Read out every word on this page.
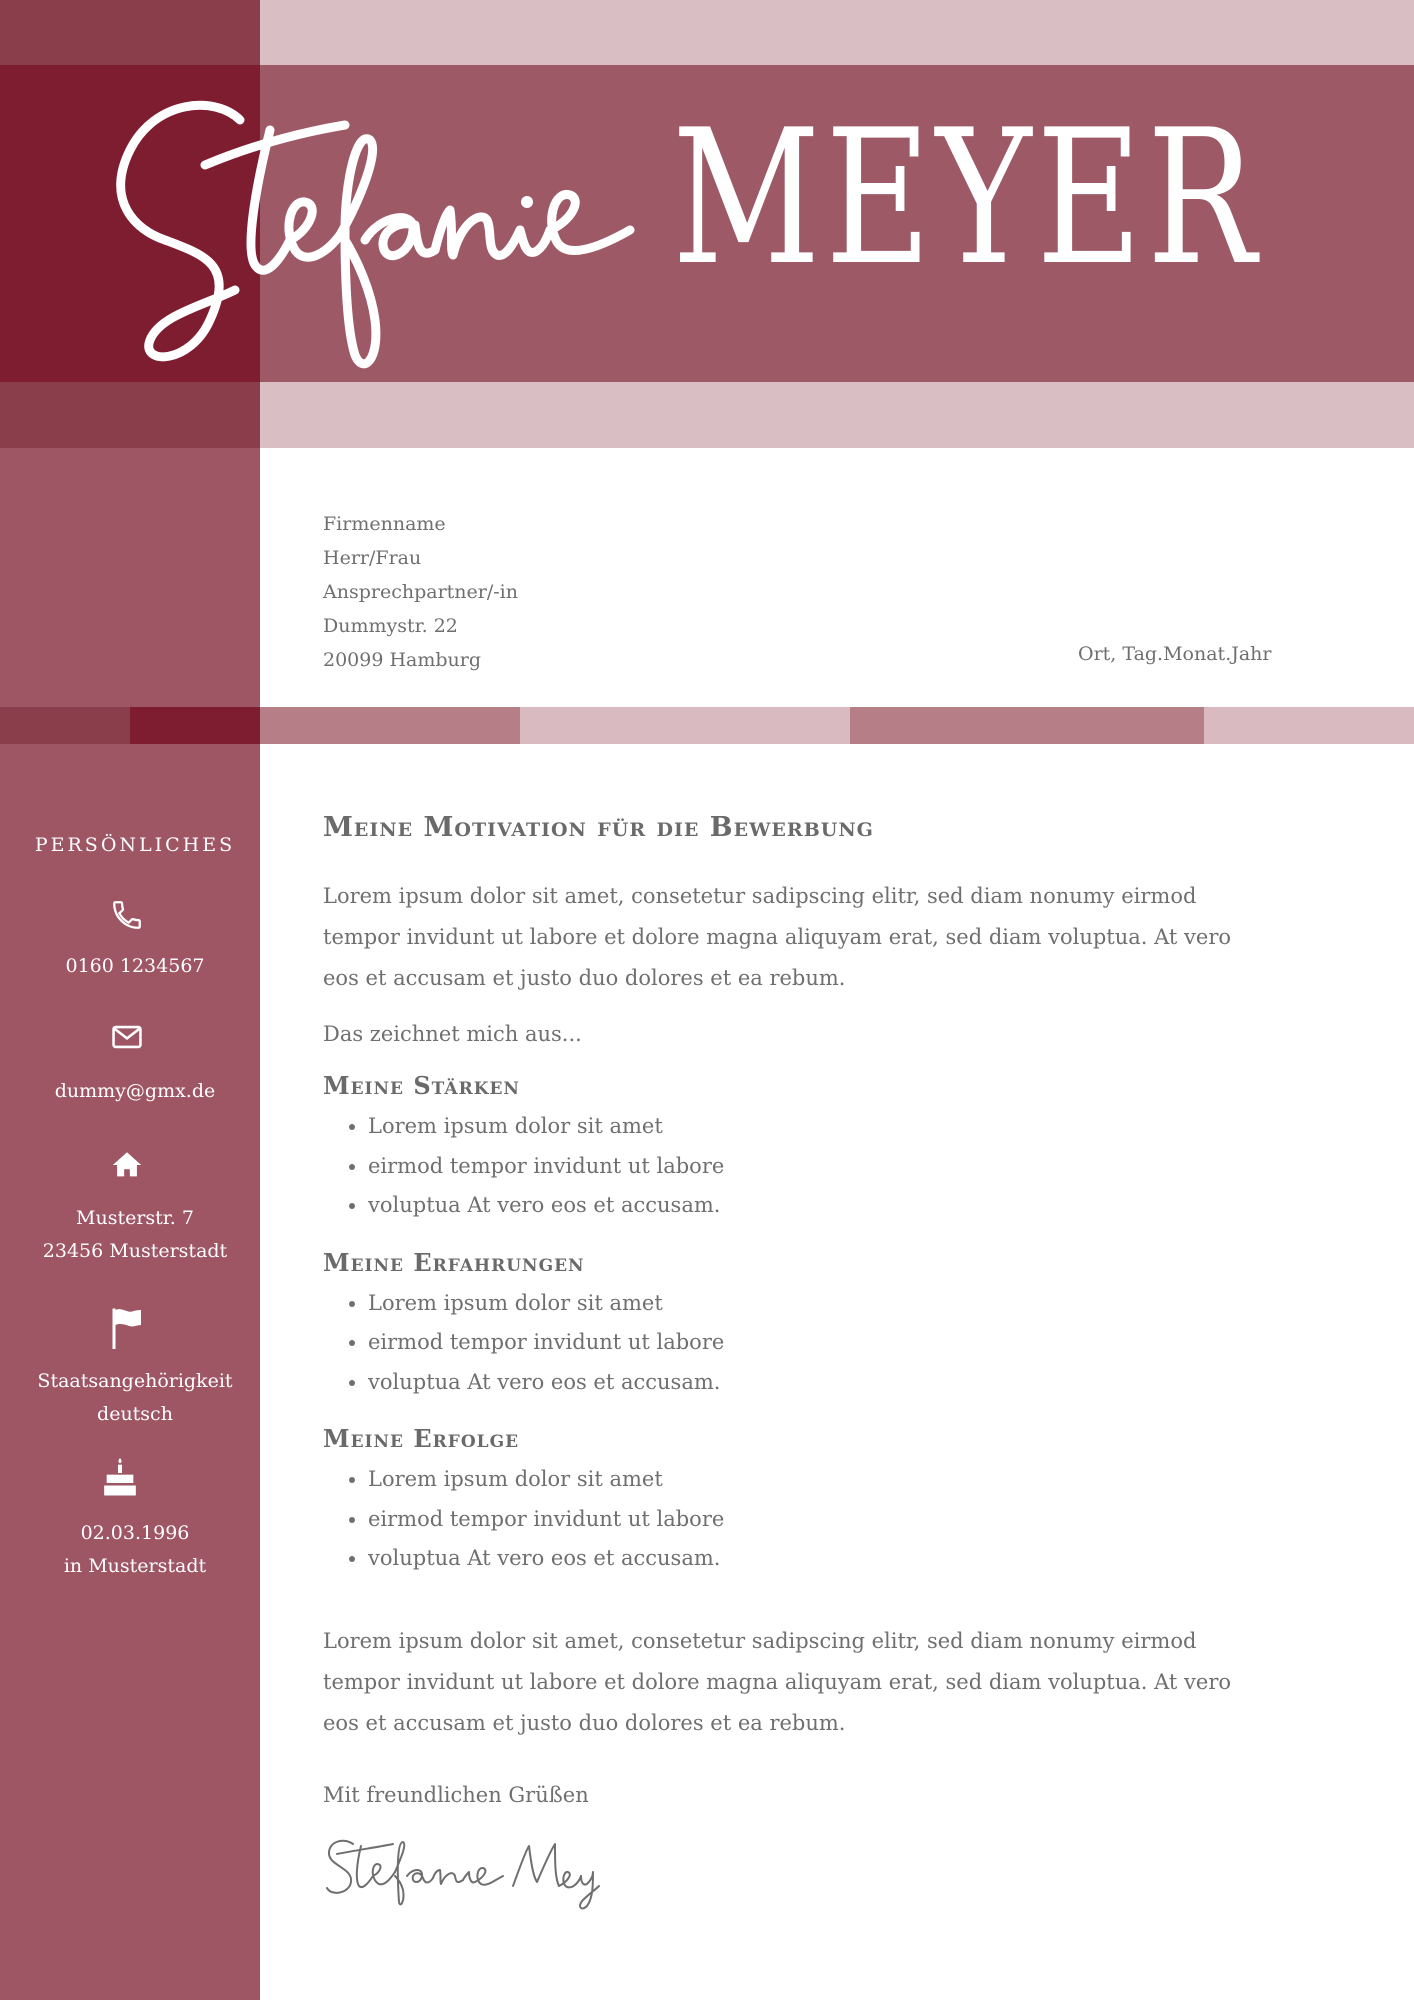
MEYER
Firmenname
Herr/Frau
Ansprechpartner/-in
Dummystr. 22
20099 Hamburg	Ort, Tag.Monat.Jahr
PERSÖNLICHES
0160 1234567
dummy@gmx.de
Musterstr. 7
23456 Musterstadt
Staatsangehörigkeit
deutsch
02.03.1996
in Musterstadt
Meine Motivation für die Bewerbung

Lorem ipsum dolor sit amet, consetetur sadipscing elitr, sed diam nonumy eirmod tempor invidunt ut labore et dolore magna aliquyam erat, sed diam voluptua. At vero eos et accusam et justo duo dolores et ea rebum.

Das zeichnet mich aus...

Meine Stärken
• Lorem ipsum dolor sit amet
• eirmod tempor invidunt ut labore
• voluptua At vero eos et accusam.
Meine Erfahrungen
• Lorem ipsum dolor sit amet
• eirmod tempor invidunt ut labore
• voluptua At vero eos et accusam.
Meine Erfolge
• Lorem ipsum dolor sit amet
• eirmod tempor invidunt ut labore
• voluptua At vero eos et accusam.

Lorem ipsum dolor sit amet, consetetur sadipscing elitr, sed diam nonumy eirmod tempor invidunt ut labore et dolore magna aliquyam erat, sed diam voluptua. At vero eos et accusam et justo duo dolores et ea rebum.

Mit freundlichen Grüßen
